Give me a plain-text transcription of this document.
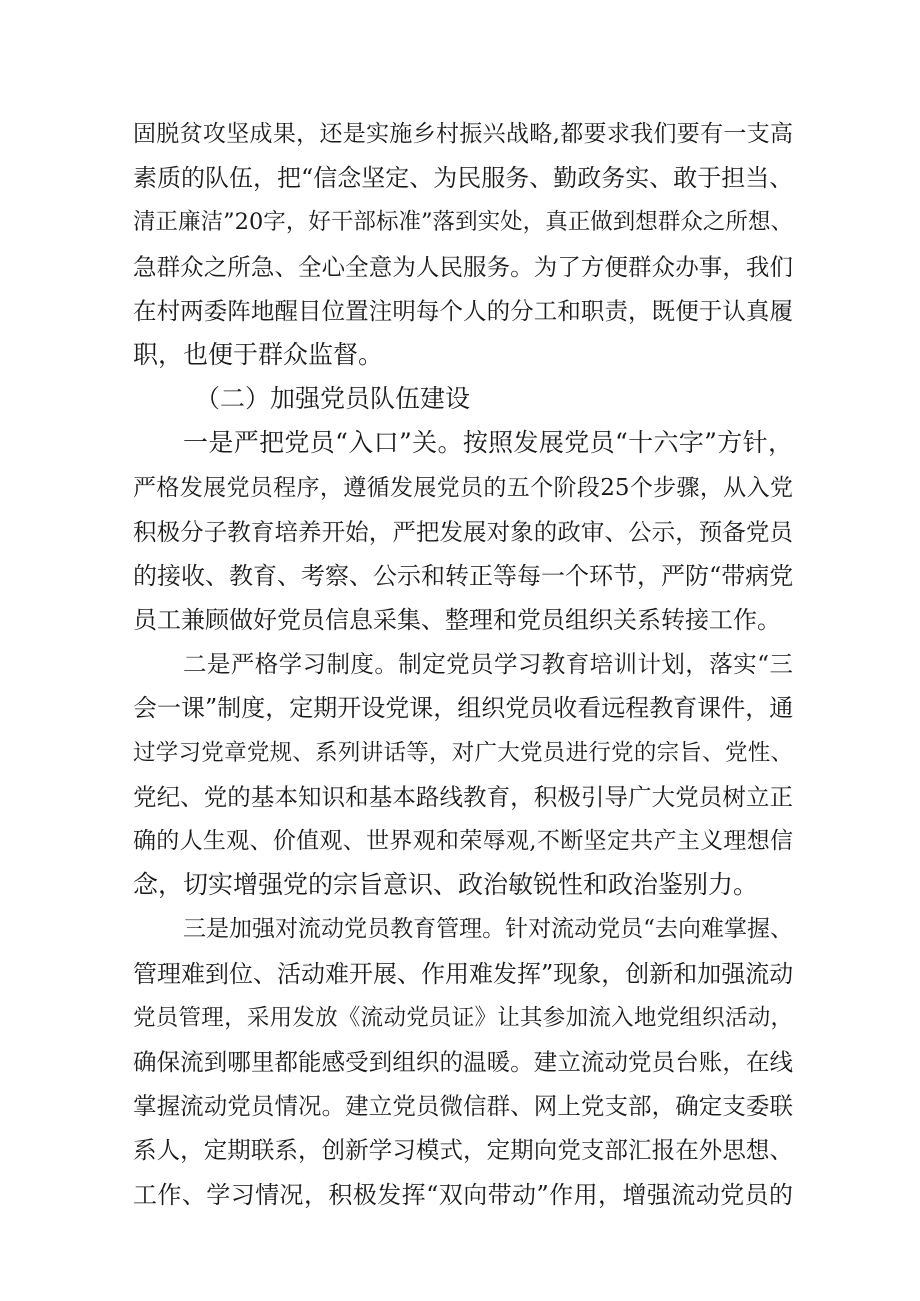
固脱贫攻坚成果，还是实施乡村振兴战略,都要求我们要有一支高
素质的队伍，把“信念坚定、为民服务、勤政务实、敢于担当、
清正廉洁”20字，好干部标准”落到实处，真正做到想群众之所想、
急群众之所急、全心全意为人民服务。为了方便群众办事，我们
在村两委阵地醒目位置注明每个人的分工和职责，既便于认真履
职，也便于群众监督。
（二）加强党员队伍建设
一是严把党员“入口”关。按照发展党员“十六字”方针，
严格发展党员程序，遵循发展党员的五个阶段25个步骤，从入党
积极分子教育培养开始，严把发展对象的政审、公示，预备党员
的接收、教育、考察、公示和转正等每一个环节，严防“带病党
员工兼顾做好党员信息采集、整理和党员组织关系转接工作。
二是严格学习制度。制定党员学习教育培训计划，落实“三
会一课”制度，定期开设党课，组织党员收看远程教育课件，通
过学习党章党规、系列讲话等，对广大党员进行党的宗旨、党性、
党纪、党的基本知识和基本路线教育，积极引导广大党员树立正
确的人生观、价值观、世界观和荣辱观,不断坚定共产主义理想信
念，切实增强党的宗旨意识、政治敏锐性和政治鉴别力。
三是加强对流动党员教育管理。针对流动党员“去向难掌握、
管理难到位、活动难开展、作用难发挥”现象，创新和加强流动
党员管理，采用发放《流动党员证》让其参加流入地党组织活动，
确保流到哪里都能感受到组织的温暖。建立流动党员台账，在线
掌握流动党员情况。建立党员微信群、网上党支部，确定支委联
系人，定期联系，创新学习模式，定期向党支部汇报在外思想、
工作、学习情况，积极发挥“双向带动”作用，增强流动党员的
